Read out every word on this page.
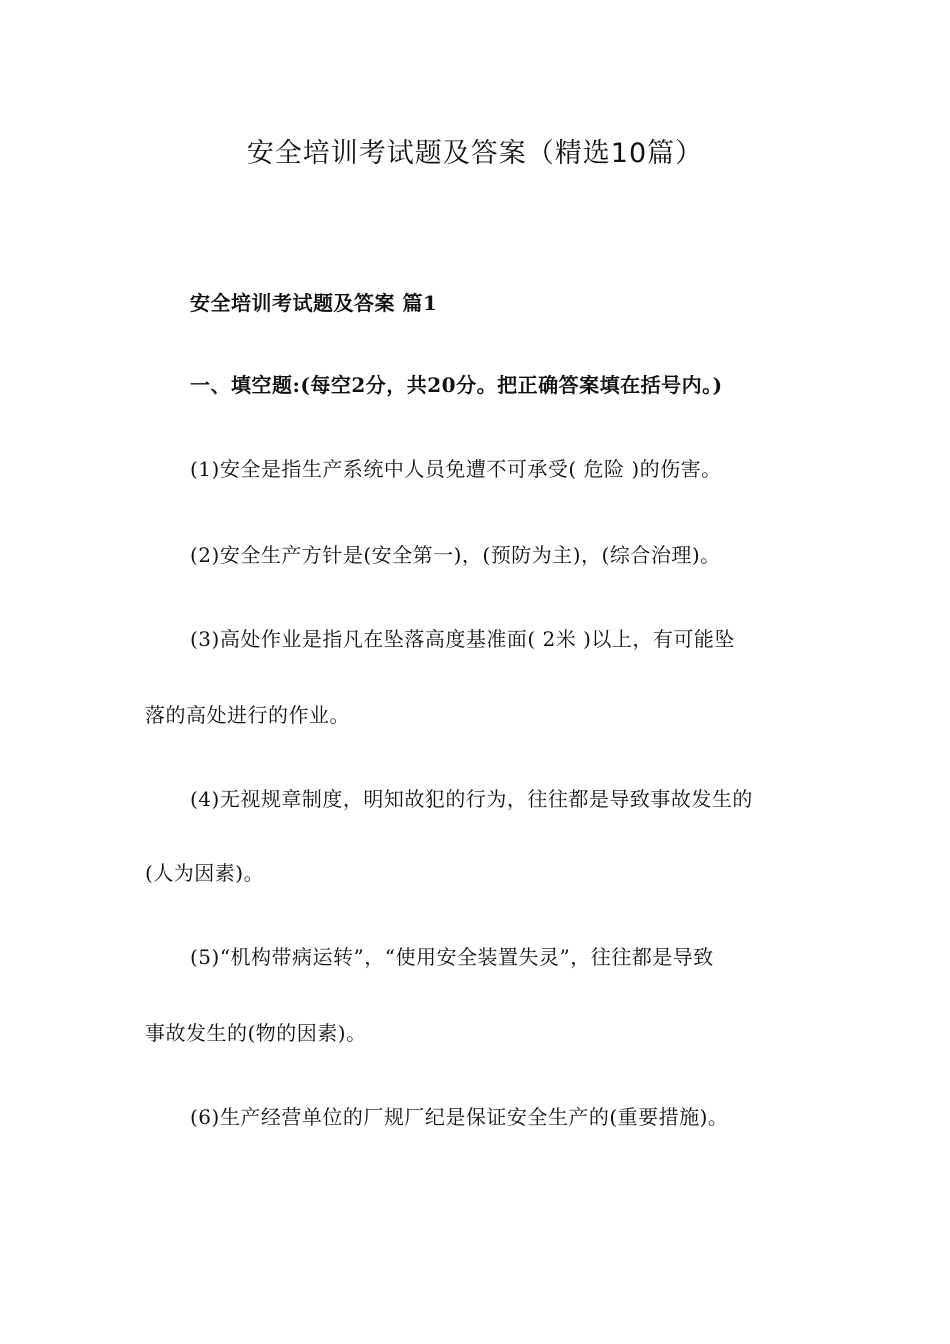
安全培训考试题及答案（精选10篇）
安全培训考试题及答案 篇1
一、填空题:(每空2分，共20分。把正确答案填在括号内。)
(1)安全是指生产系统中人员免遭不可承受( 危险 )的伤害。
(2)安全生产方针是(安全第一)，(预防为主)，(综合治理)。
(3)高处作业是指凡在坠落高度基准面( 2米 )以上，有可能坠
落的高处进行的作业。
(4)无视规章制度，明知故犯的行为，往往都是导致事故发生的
(人为因素)。
(5)“机构带病运转”，“使用安全装置失灵”，往往都是导致
事故发生的(物的因素)。
(6)生产经营单位的厂规厂纪是保证安全生产的(重要措施)。
